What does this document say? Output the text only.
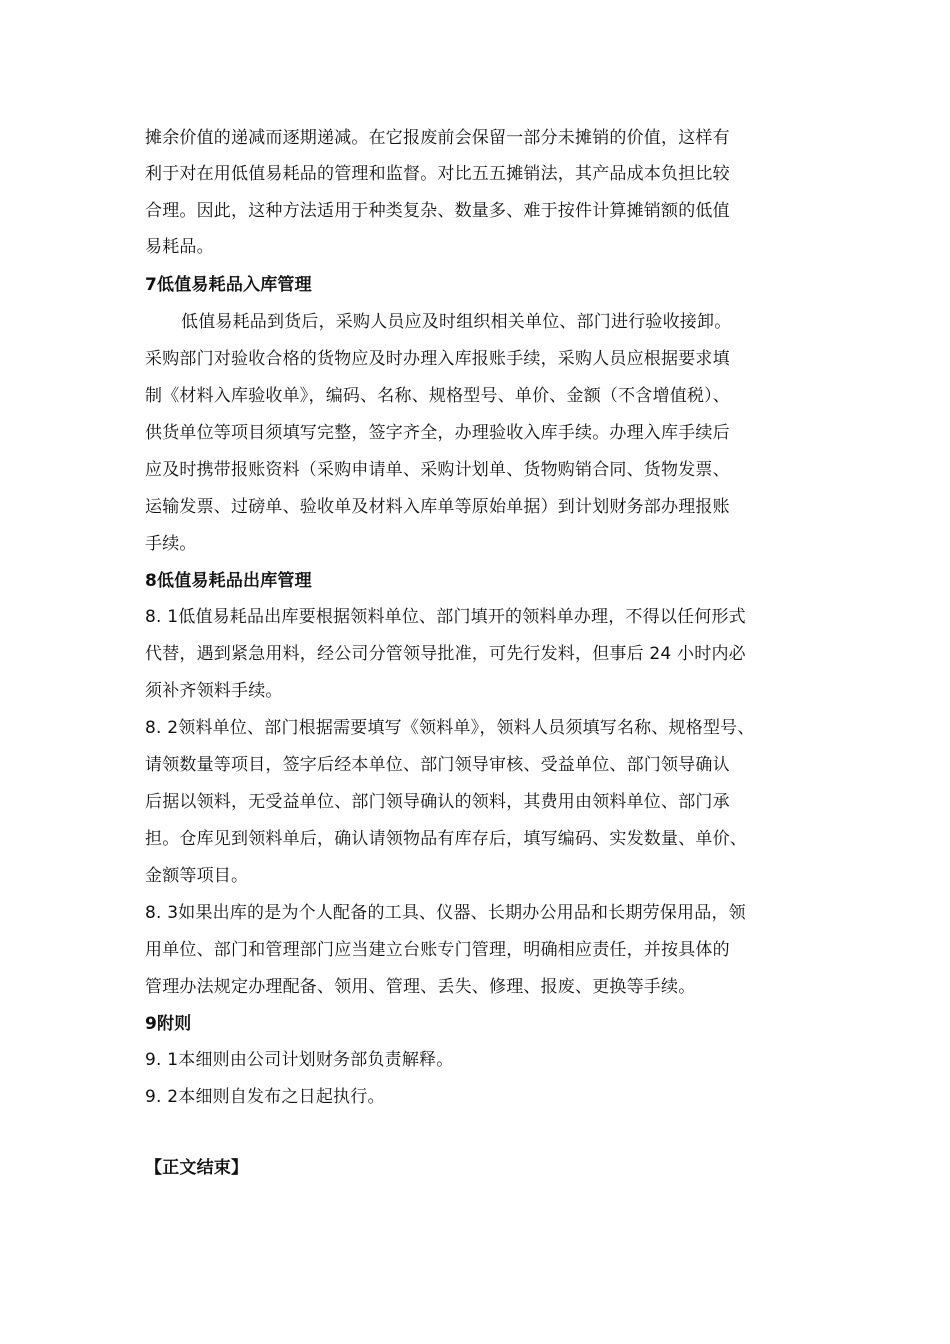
摊余价值的递减而逐期递减。在它报废前会保留一部分未摊销的价值，这样有
利于对在用低值易耗品的管理和监督。对比五五摊销法，其产品成本负担比较
合理。因此，这种方法适用于种类复杂、数量多、难于按件计算摊销额的低值
易耗品。
7低值易耗品入库管理
低值易耗品到货后，采购人员应及时组织相关单位、部门进行验收接卸。
采购部门对验收合格的货物应及时办理入库报账手续，采购人员应根据要求填
制《材料入库验收单》，编码、名称、规格型号、单价、金额（不含增值税）、
供货单位等项目须填写完整，签字齐全，办理验收入库手续。办理入库手续后
应及时携带报账资料（采购申请单、采购计划单、货物购销合同、货物发票、
运输发票、过磅单、验收单及材料入库单等原始单据）到计划财务部办理报账
手续。
8低值易耗品出库管理
8. 1低值易耗品出库要根据领料单位、部门填开的领料单办理，不得以任何形式
代替，遇到紧急用料，经公司分管领导批准，可先行发料，但事后 24 小时内必
须补齐领料手续。
8. 2领料单位、部门根据需要填写《领料单》，领料人员须填写名称、规格型号、
请领数量等项目，签字后经本单位、部门领导审核、受益单位、部门领导确认
后据以领料，无受益单位、部门领导确认的领料，其费用由领料单位、部门承
担。仓库见到领料单后，确认请领物品有库存后，填写编码、实发数量、单价、
金额等项目。
8. 3如果出库的是为个人配备的工具、仪器、长期办公用品和长期劳保用品，领
用单位、部门和管理部门应当建立台账专门管理，明确相应责任，并按具体的
管理办法规定办理配备、领用、管理、丢失、修理、报废、更换等手续。
9附则
9. 1本细则由公司计划财务部负责解释。
9. 2本细则自发布之日起执行。
【正文结束】
